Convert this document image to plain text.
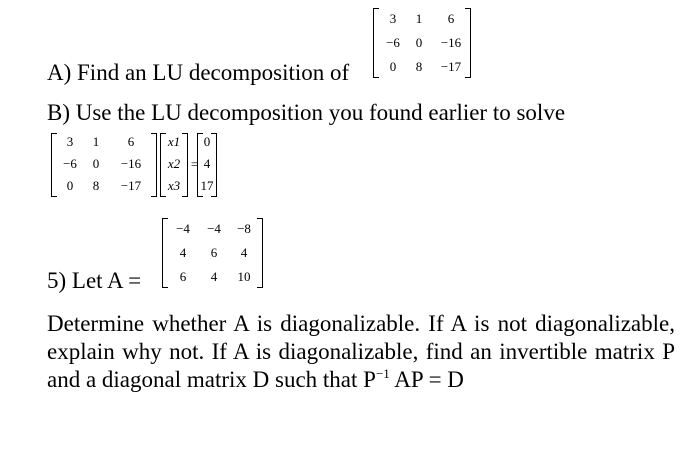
3	1	6
−6	0	−16
0	8	−17
A) Find an LU decomposition of
B) Use the LU decomposition you found earlier to solve
3	1	6
−6	0	−16
0	8	−17
x1
x2
x3
=
0
4
17
−4	−4	−8
4	6	4
6	4	10
5) Let A =
Determine whether A is diagonalizable. If A is not diagonalizable, explain why not. If A is diagonalizable, find an invertible matrix P and a diagonal matrix D such that $P^{-1}$ AP = D
